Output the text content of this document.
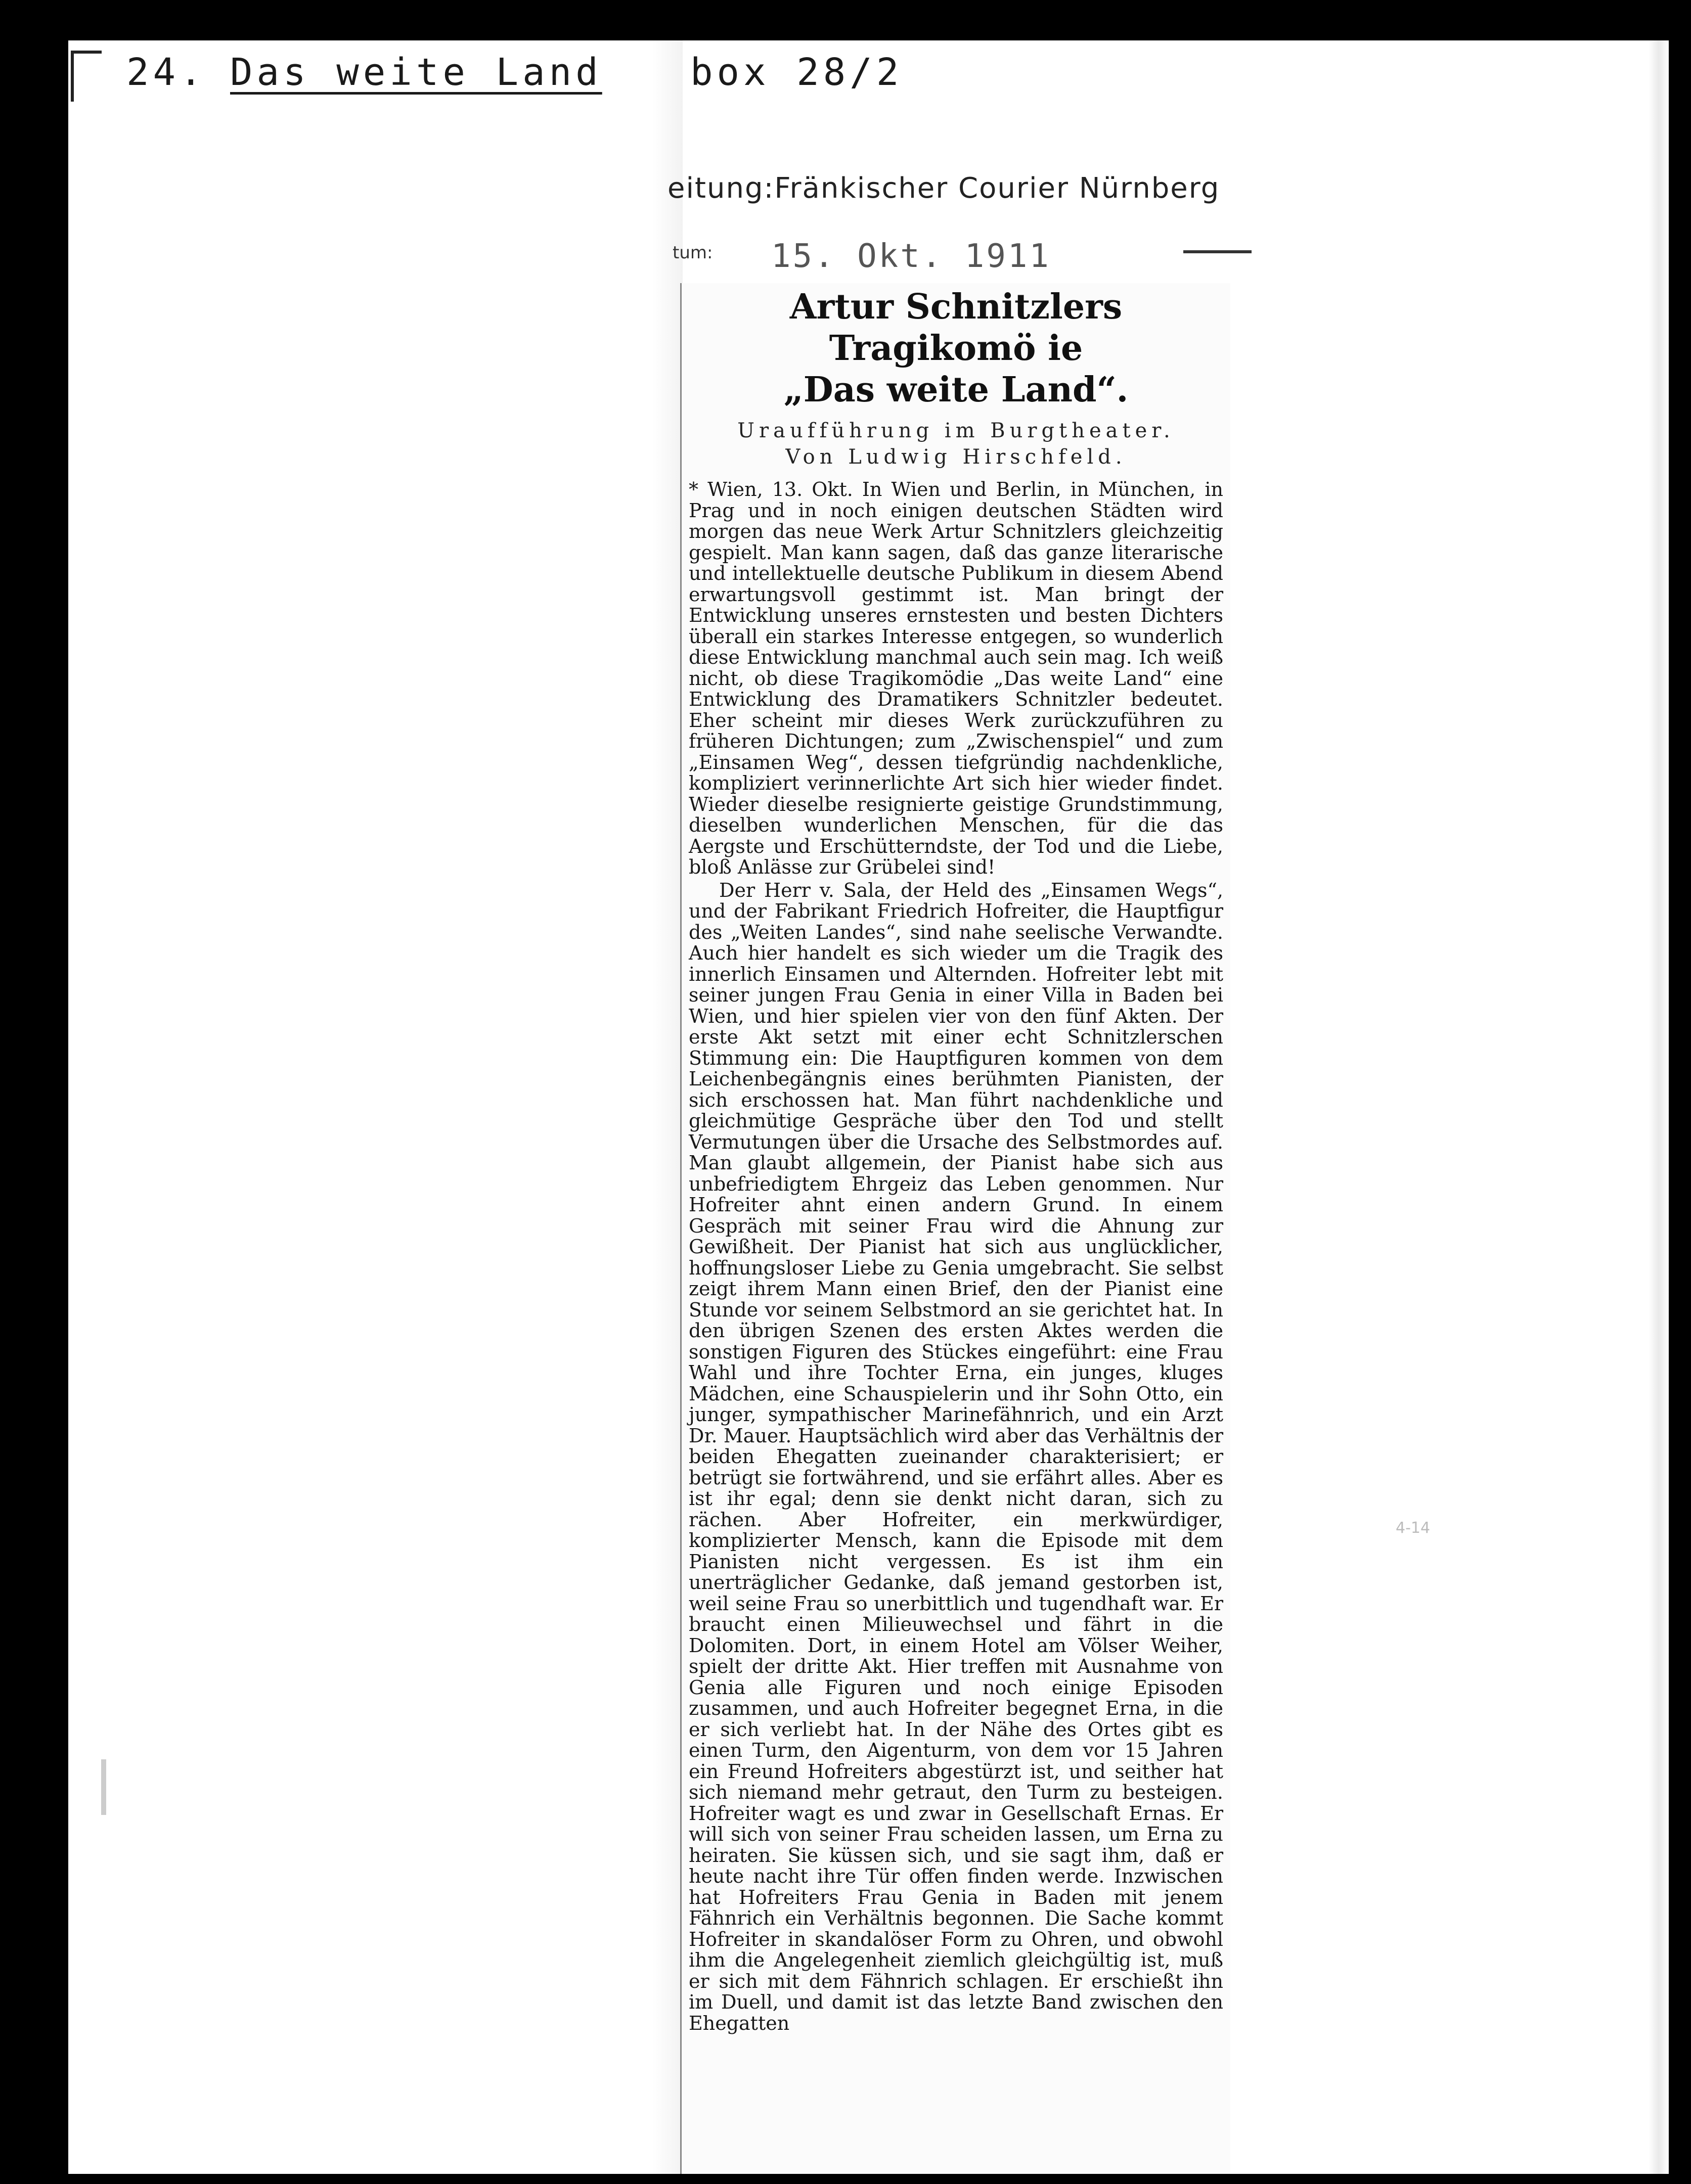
24. Das weite Land box 28/2
eitung:Fränkischer Courier Nürnberg
tum: 15. Okt. 1911
Artur Schnitzlers Tragikomö ie
„Das weite Land“.
Uraufführung im Burgtheater.
Von Ludwig Hirschfeld.

* Wien, 13. Okt. In Wien und Berlin, in München, in Prag und in noch einigen deutschen Städten wird morgen das neue Werk Artur Schnitzlers gleichzeitig gespielt. Man kann sagen, daß das ganze literarische und intellektuelle deutsche Publikum in diesem Abend erwartungsvoll gestimmt ist. Man bringt der Entwicklung unseres ernstesten und besten Dichters überall ein starkes Interesse entgegen, so wunderlich diese Entwicklung manchmal auch sein mag. Ich weiß nicht, ob diese Tragikomödie „Das weite Land“ eine Entwicklung des Dramatikers Schnitzler bedeutet. Eher scheint mir dieses Werk zurückzuführen zu früheren Dichtungen; zum „Zwischenspiel“ und zum „Einsamen Weg“, dessen tiefgründig nachdenkliche, kompliziert verinnerlichte Art sich hier wieder findet. Wieder dieselbe resignierte geistige Grundstimmung, dieselben wunderlichen Menschen, für die das Aergste und Erschütterndste, der Tod und die Liebe, bloß Anlässe zur Grübelei sind!

Der Herr v. Sala, der Held des „Einsamen Wegs“, und der Fabrikant Friedrich Hofreiter, die Hauptfigur des „Weiten Landes“, sind nahe seelische Verwandte. Auch hier handelt es sich wieder um die Tragik des innerlich Einsamen und Alternden. Hofreiter lebt mit seiner jungen Frau Genia in einer Villa in Baden bei Wien, und hier spielen vier von den fünf Akten. Der erste Akt setzt mit einer echt Schnitzlerschen Stimmung ein: Die Hauptfiguren kommen von dem Leichenbegängnis eines berühmten Pianisten, der sich erschossen hat. Man führt nachdenkliche und gleichmütige Gespräche über den Tod und stellt Vermutungen über die Ursache des Selbstmordes auf. Man glaubt allgemein, der Pianist habe sich aus unbefriedigtem Ehrgeiz das Leben genommen. Nur Hofreiter ahnt einen andern Grund. In einem Gespräch mit seiner Frau wird die Ahnung zur Gewißheit. Der Pianist hat sich aus unglücklicher, hoffnungsloser Liebe zu Genia umgebracht. Sie selbst zeigt ihrem Mann einen Brief, den der Pianist eine Stunde vor seinem Selbstmord an sie gerichtet hat. In den übrigen Szenen des ersten Aktes werden die sonstigen Figuren des Stückes eingeführt: eine Frau Wahl und ihre Tochter Erna, ein junges, kluges Mädchen, eine Schauspielerin und ihr Sohn Otto, ein junger, sympathischer Marinefähnrich, und ein Arzt Dr. Mauer. Hauptsächlich wird aber das Verhältnis der beiden Ehegatten zueinander charakterisiert; er betrügt sie fortwährend, und sie erfährt alles. Aber es ist ihr egal; denn sie denkt nicht daran, sich zu rächen. Aber Hofreiter, ein merkwürdiger, komplizierter Mensch, kann die Episode mit dem Pianisten nicht vergessen. Es ist ihm ein unerträglicher Gedanke, daß jemand gestorben ist, weil seine Frau so unerbittlich und tugendhaft war. Er braucht einen Milieuwechsel und fährt in die Dolomiten. Dort, in einem Hotel am Völser Weiher, spielt der dritte Akt. Hier treffen mit Ausnahme von Genia alle Figuren und noch einige Episoden zusammen, und auch Hofreiter begegnet Erna, in die er sich verliebt hat. In der Nähe des Ortes gibt es einen Turm, den Aigenturm, von dem vor 15 Jahren ein Freund Hofreiters abgestürzt ist, und seither hat sich niemand mehr getraut, den Turm zu besteigen. Hofreiter wagt es und zwar in Gesellschaft Ernas. Er will sich von seiner Frau scheiden lassen, um Erna zu heiraten. Sie küssen sich, und sie sagt ihm, daß er heute nacht ihre Tür offen finden werde. Inzwischen hat Hofreiters Frau Genia in Baden mit jenem Fähnrich ein Verhältnis begonnen. Die Sache kommt Hofreiter in skandalöser Form zu Ohren, und obwohl ihm die Angelegenheit ziemlich gleichgültig ist, muß er sich mit dem Fähnrich schlagen. Er erschießt ihn im Duell, und damit ist das letzte Band zwischen den Ehegatten

4-14
